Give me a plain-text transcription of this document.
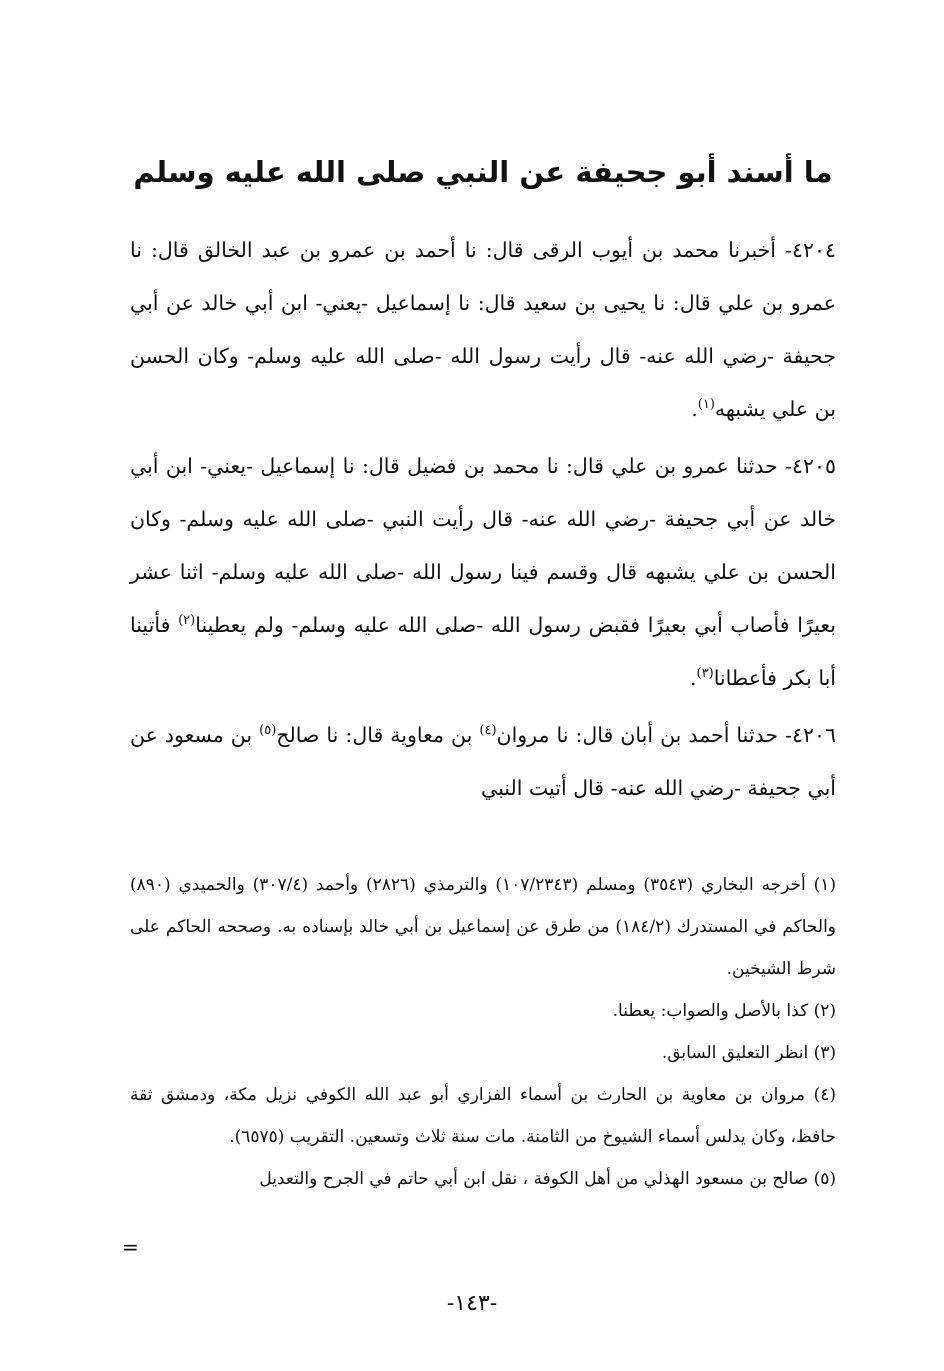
ما أسند أبو جحيفة عن النبي صلى الله عليه وسلم

٤٢٠٤- أخبرنا محمد بن أيوب الرقى قال: نا أحمد بن عمرو بن عبد الخالق قال: نا عمرو بن علي قال: نا يحيى بن سعيد قال: نا إسماعيل -يعني- ابن أبي خالد عن أبي جحيفة -رضي الله عنه- قال رأيت رسول الله -صلى الله عليه وسلم- وكان الحسن بن علي يشبهه$^{(١)}$.

٤٢٠٥- حدثنا عمرو بن علي قال: نا محمد بن فضيل قال: نا إسماعيل -يعني- ابن أبي خالد عن أبي جحيفة -رضي الله عنه- قال رأيت النبي -صلى الله عليه وسلم- وكان الحسن بن علي يشبهه قال وقسم فينا رسول الله -صلى الله عليه وسلم- اثنا عشر بعيرًا فأصاب أبي بعيرًا فقبض رسول الله -صلى الله عليه وسلم- ولم يعطينا$^{(٢)}$ فأتينا أبا بكر فأعطانا$^{(٣)}$.

٤٢٠٦- حدثنا أحمد بن أبان قال: نا مروان$^{(٤)}$ بن معاوية قال: نا صالح$^{(٥)}$ بن مسعود عن أبي جحيفة -رضي الله عنه- قال أتيت النبي

(١) أخرجه البخاري (٣٥٤٣) ومسلم (١٠٧/٢٣٤٣) والترمذي (٢٨٢٦) وأحمد (٣٠٧/٤) والحميدي (٨٩٠) والحاكم في المستدرك (١٨٤/٢) من طرق عن إسماعيل بن أبي خالد بإسناده به. وصححه الحاكم على شرط الشيخين.

(٢) كذا بالأصل والصواب: يعطنا.

(٣) انظر التعليق السابق.

(٤) مروان بن معاوية بن الحارث بن أسماء الفزاري أبو عبد الله الكوفي نزيل مكة، ودمشق ثقة حافظ، وكان يدلس أسماء الشيوخ من الثامنة. مات سنة ثلاث وتسعين. التقريب (٦٥٧٥).

(٥) صالح بن مسعود الهذلي من أهل الكوفة ، نقل ابن أبي حاتم في الجرح والتعديل

=
-١٤٣-
